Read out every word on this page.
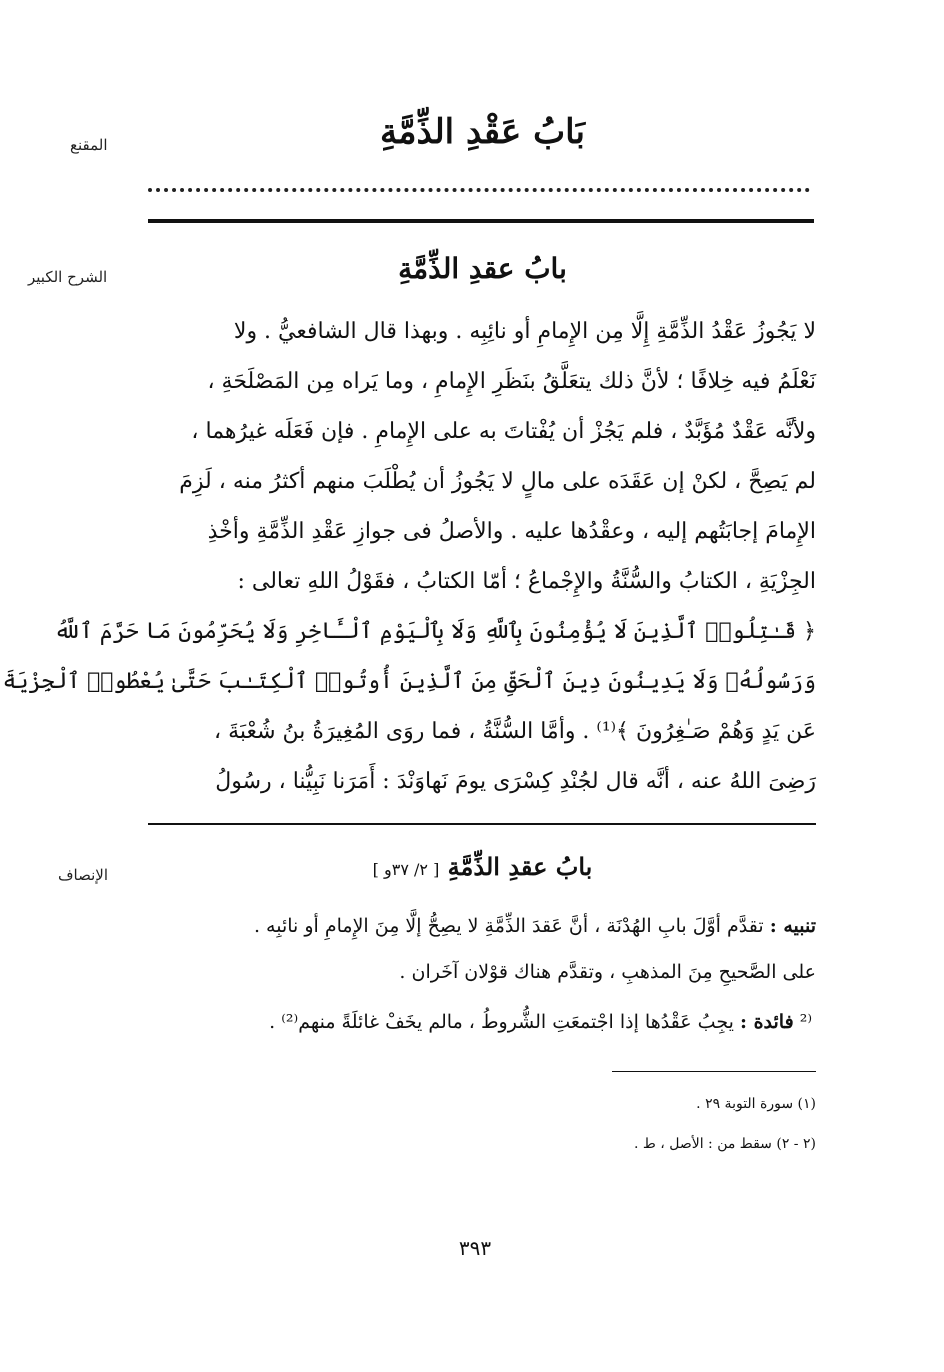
المقنع
الشرح الكبير
الإنصاف
بَابُ عَقْدِ الذِّمَّةِ
بابُ عقدِ الذِّمَّةِ
لا يَجُوزُ عَقْدُ الذِّمَّةِ إِلَّا مِن الإِمامِ أو نائِبِه . وبهذا قال الشافعيُّ . ولا
نَعْلَمُ فيه خِلافًا ؛ لأنَّ ذلك يتعَلَّقُ بنَظَرِ الإِمامِ ، وما يَراه مِن المَصْلَحَةِ ،
ولأنَّه عَقْدٌ مُؤَبَّدٌ ، فلم يَجُزْ أن يُفْتاتَ به على الإِمامِ . فإن فَعَلَه غيرُهما ،
لم يَصِحَّ ، لكنْ إن عَقَدَه على مالٍ لا يَجُوزُ أن يُطْلَبَ منهم أكثرُ منه ، لَزِمَ
الإِمامَ إجابَتُهم إليه ، وعقْدُها عليه . والأصلُ فى جوازِ عَقْدِ الذِّمَّةِ وأخْذِ
الجِزْيَةِ ، الكتابُ والسُّنَّةُ والإِجْماعُ ؛ أمّا الكتابُ ، فقَوْلُ اللهِ تعالى :
﴿ قَـٰتِلُوا۟ ٱلَّذِينَ لَا يُؤْمِنُونَ بِٱللَّهِ وَلَا بِٱلْيَوْمِ ٱلْـَٔاخِرِ وَلَا يُحَرِّمُونَ مَا حَرَّمَ ٱللَّهُ
وَرَسُولُهُۥ وَلَا يَدِينُونَ دِينَ ٱلْحَقِّ مِنَ ٱلَّذِينَ أُوتُوا۟ ٱلْكِتَـٰبَ حَتَّىٰ يُعْطُوا۟ ٱلْجِزْيَةَ
عَن يَدٍ وَهُمْ صَـٰغِرُونَ ﴾⁽¹⁾ . وأمَّا السُّنَّةُ ، فما روَى المُغِيرَةُ بنُ شُعْبَةَ ،
رَضِىَ اللهُ عنه ، أنَّه قال لجُنْدِ كِسْرَى يومَ نَهاوَنْدَ : أَمَرَنا نَبِيُّنا ، رسُولُ
بابُ عقدِ الذِّمَّةِ [ ٢/ ٣٧و ]
تنبيه : تقدَّم أوَّلَ بابِ الهُدْنَة ، أنَّ عَقدَ الذِّمَّةِ لا يصِحُّ إلَّا مِنَ الإِمامِ أو نائبِه .
على الصَّحيحِ مِنَ المذهبِ ، وتقدَّم هناك قوْلان آخَران .
⁽² فائدة : يجِبُ عَقْدُها إذا اجْتمعَتِ الشُّروطُ ، مالم يخَفْ غائلَةً منهم⁽²⁾ .
(١) سورة التوبة ٢٩ .
(٢ - ٢) سقط من : الأصل ، ط .
٣٩٣
